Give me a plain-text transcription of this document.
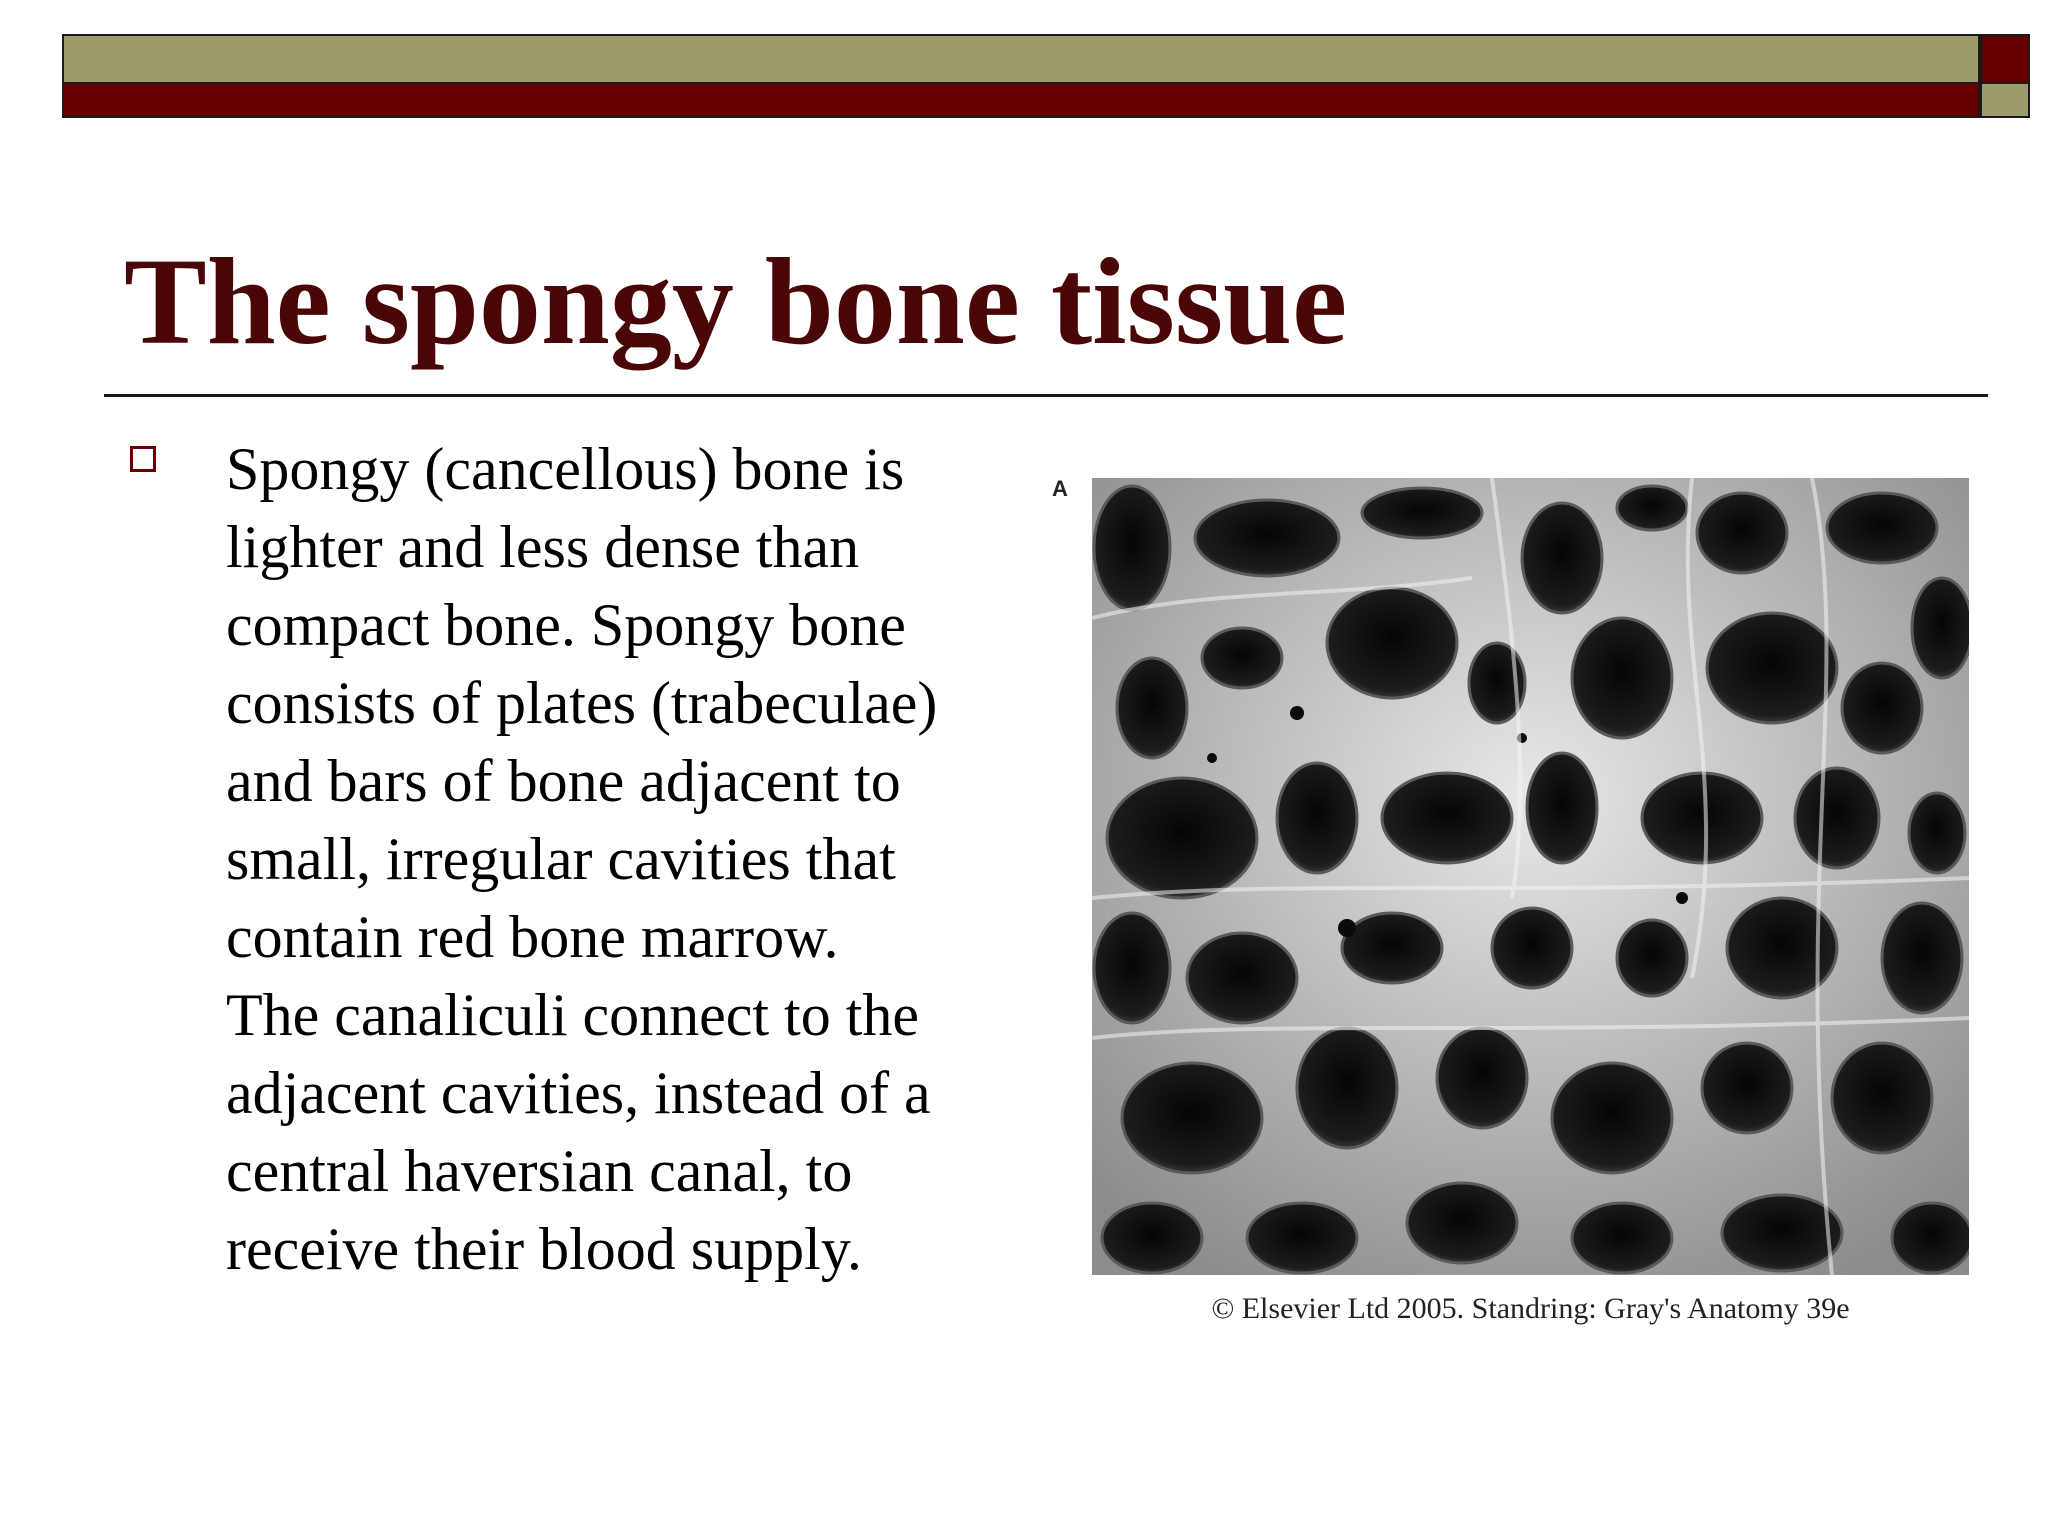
The spongy bone tissue

Spongy (cancellous) bone is
lighter and less dense than
compact bone. Spongy bone
consists of plates (trabeculae)
and bars of bone adjacent to
small, irregular cavities that
contain red bone marrow.
The canaliculi connect to the
adjacent cavities, instead of a
central haversian canal, to
receive their blood supply.

A
© Elsevier Ltd 2005. Standring: Gray's Anatomy 39e
